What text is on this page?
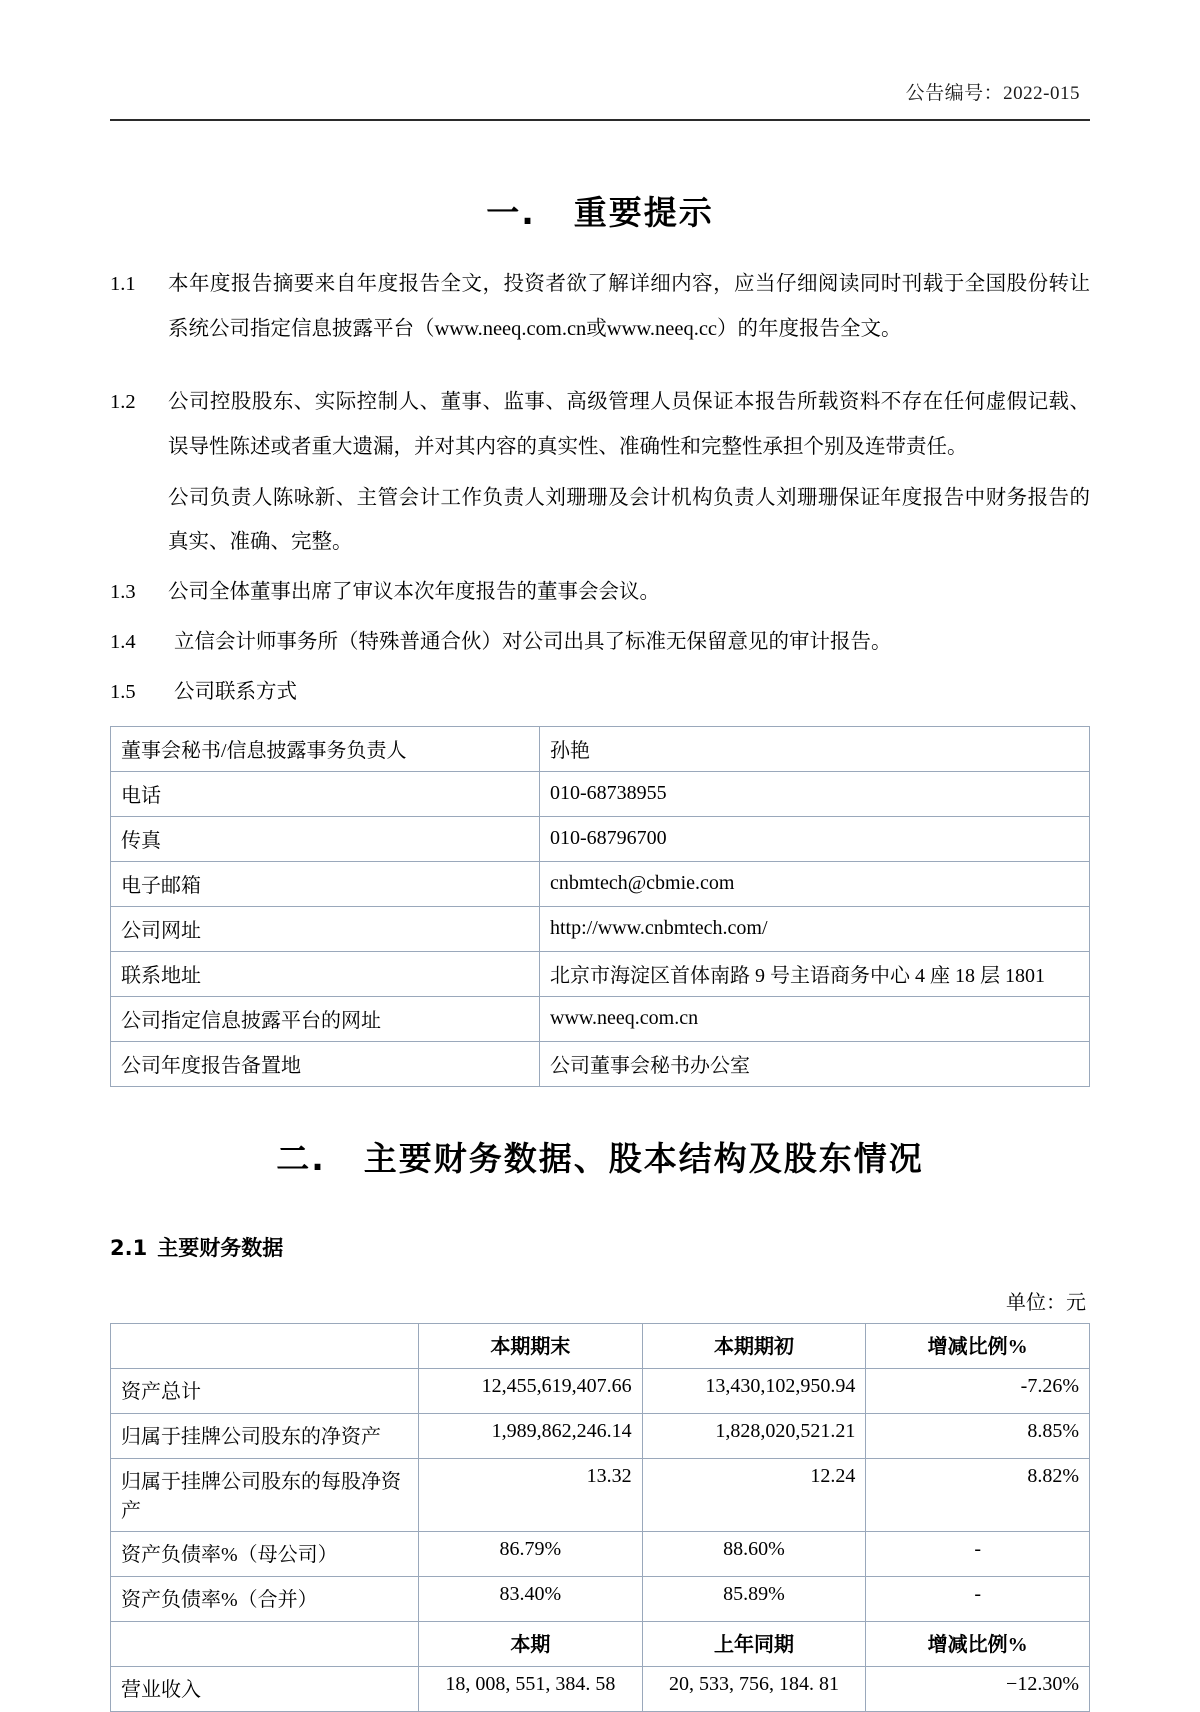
公告编号：2022-015
一. 重要提示
1.1	本年度报告摘要来自年度报告全文，投资者欲了解详细内容，应当仔细阅读同时刊载于全国股份转让系统公司指定信息披露平台（www.neeq.com.cn或www.neeq.cc）的年度报告全文。
1.2	公司控股股东、实际控制人、董事、监事、高级管理人员保证本报告所载资料不存在任何虚假记载、误导性陈述或者重大遗漏，并对其内容的真实性、准确性和完整性承担个别及连带责任。
公司负责人陈咏新、主管会计工作负责人刘珊珊及会计机构负责人刘珊珊保证年度报告中财务报告的真实、准确、完整。
1.3	公司全体董事出席了审议本次年度报告的董事会会议。
1.4	立信会计师事务所（特殊普通合伙）对公司出具了标准无保留意见的审计报告。
1.5	公司联系方式
董事会秘书/信息披露事务负责人	孙艳
电话	010-68738955
传真	010-68796700
电子邮箱	cnbmtech@cbmie.com
公司网址	http://www.cnbmtech.com/
联系地址	北京市海淀区首体南路 9 号主语商务中心 4 座 18 层 1801
公司指定信息披露平台的网址	www.neeq.com.cn
公司年度报告备置地	公司董事会秘书办公室
二. 主要财务数据、股本结构及股东情况
2.1 主要财务数据
单位：元
	本期期末	本期期初	增减比例%
资产总计	12,455,619,407.66	13,430,102,950.94	-7.26%
归属于挂牌公司股东的净资产	1,989,862,246.14	1,828,020,521.21	8.85%
归属于挂牌公司股东的每股净资产	13.32	12.24	8.82%
资产负债率%（母公司）	86.79%	88.60%	-
资产负债率%（合并）	83.40%	85.89%	-
	本期	上年同期	增减比例%
营业收入	18, 008, 551, 384. 58	20, 533, 756, 184. 81	−12.30%
